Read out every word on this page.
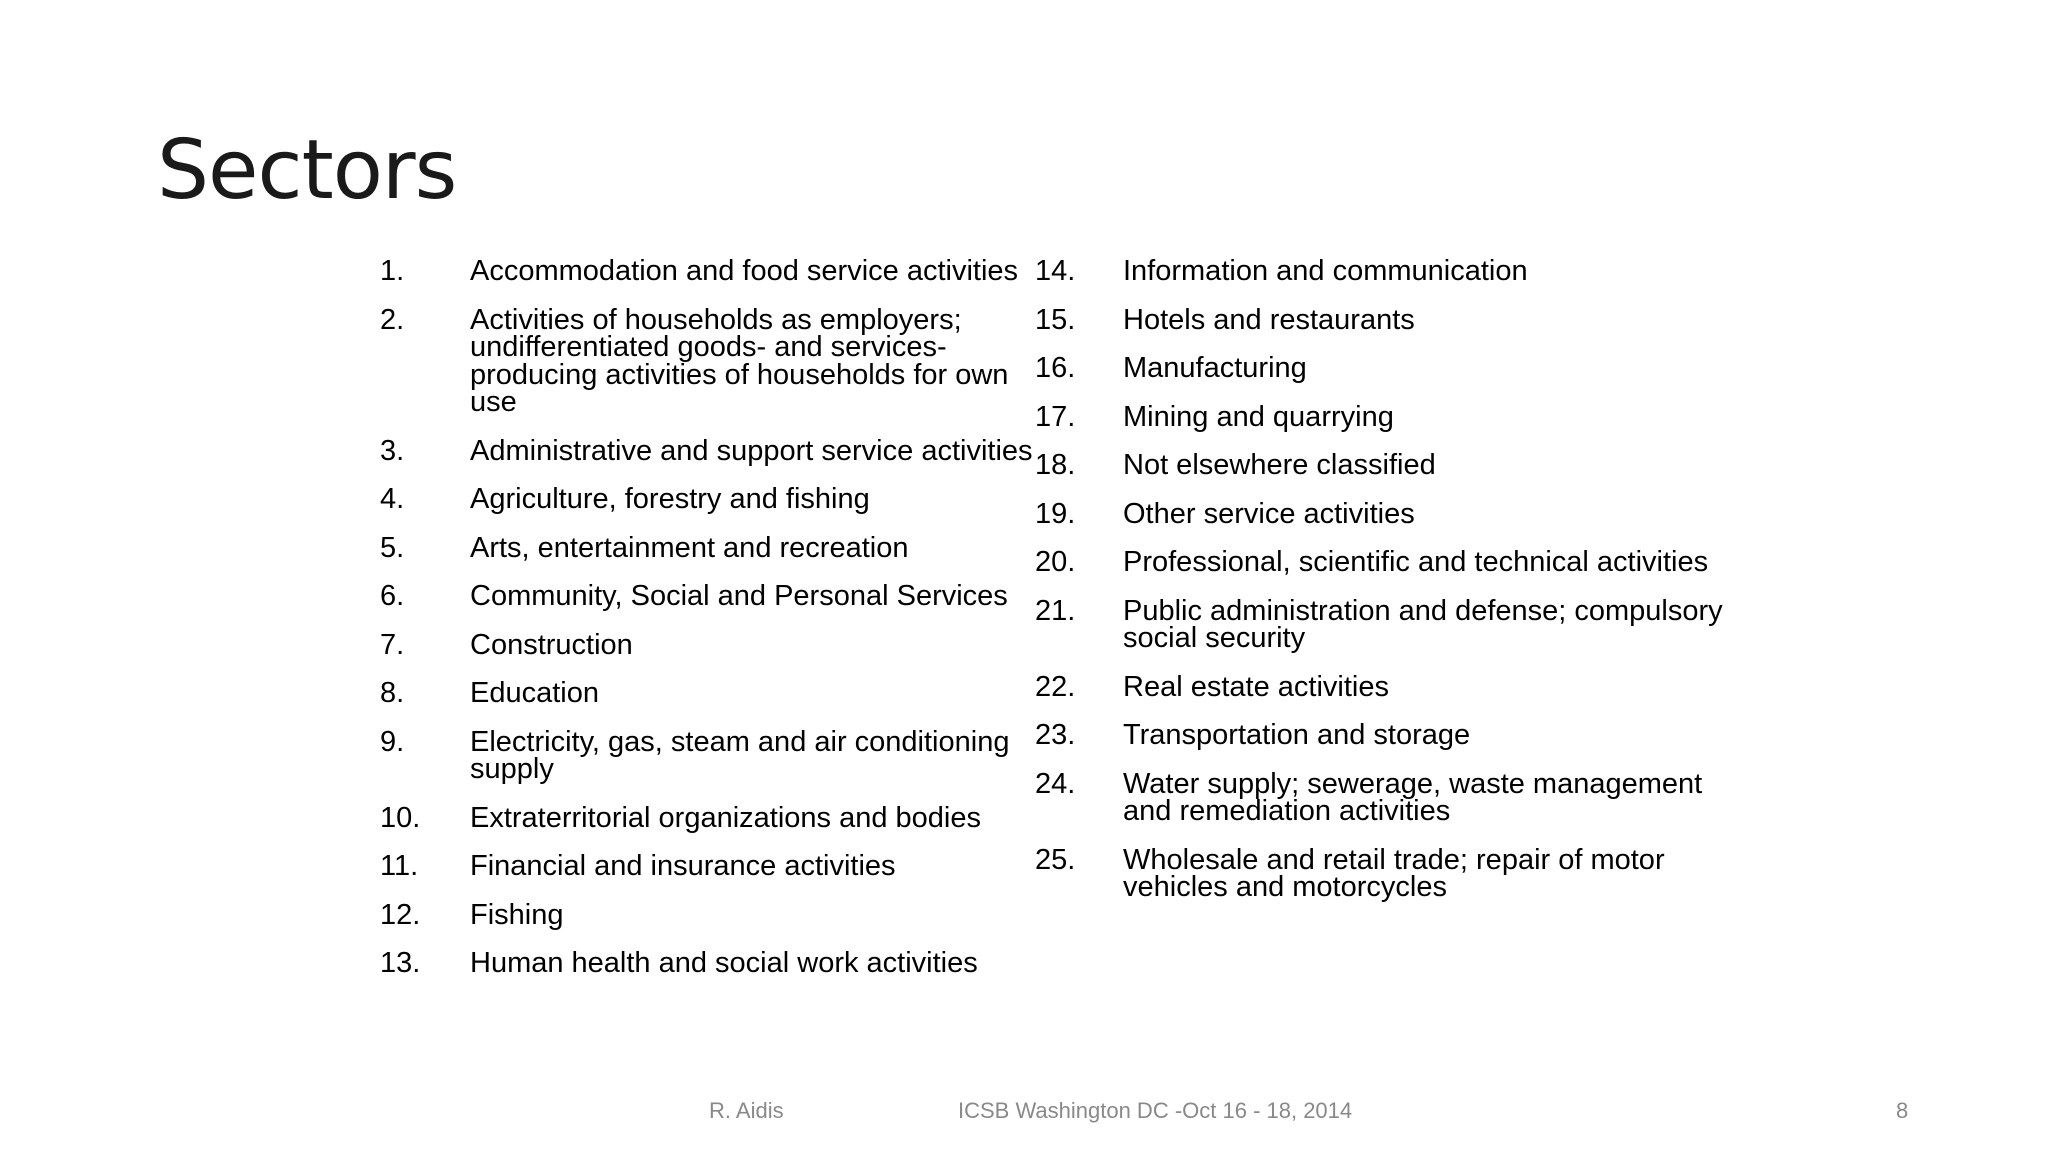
Sectors
1. Accommodation and food service activities
2. Activities of households as employers; undifferentiated goods- and services-producing activities of households for own use
3. Administrative and support service activities
4. Agriculture, forestry and fishing
5. Arts, entertainment and recreation
6. Community, Social and Personal Services
7. Construction
8. Education
9. Electricity, gas, steam and air conditioning supply
10. Extraterritorial organizations and bodies
11. Financial and insurance activities
12. Fishing
13. Human health and social work activities
14. Information and communication
15. Hotels and restaurants
16. Manufacturing
17. Mining and quarrying
18. Not elsewhere classified
19. Other service activities
20. Professional, scientific and technical activities
21. Public administration and defense; compulsory social security
22. Real estate activities
23. Transportation and storage
24. Water supply; sewerage, waste management and remediation activities
25. Wholesale and retail trade; repair of motor vehicles and motorcycles
R. Aidis	ICSB Washington DC -Oct 16 - 18, 2014	8
